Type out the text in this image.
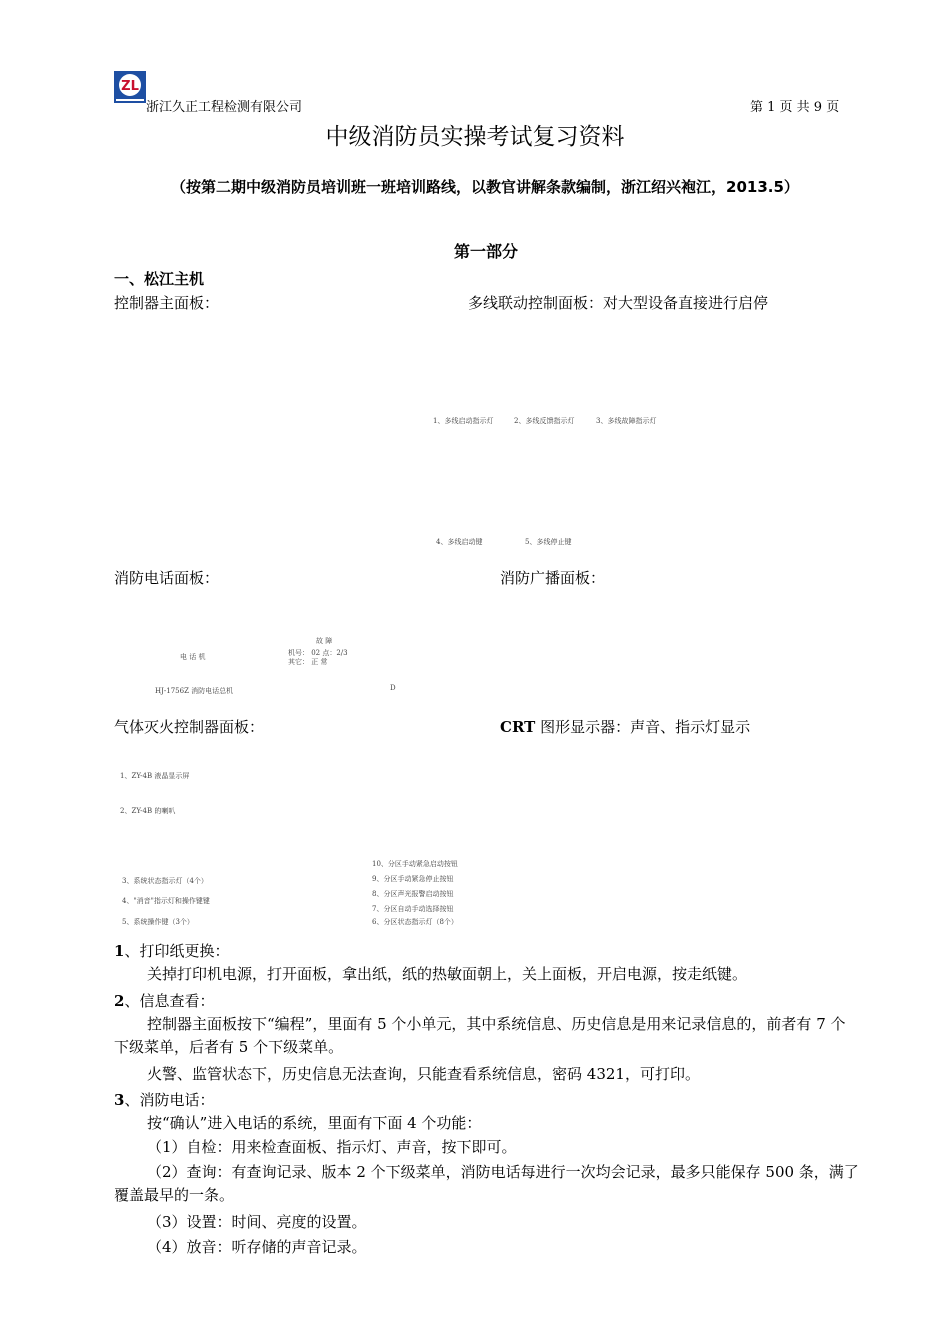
ZL
浙江久正工程检测有限公司	第 1 页 共 9 页
中级消防员实操考试复习资料
（按第二期中级消防员培训班一班培训路线，以教官讲解条款编制，浙江绍兴袍江，2013.5）
第一部分
一、松江主机
控制器主面板：	多线联动控制面板：对大型设备直接进行启停
1、多线启动指示灯	2、多线反馈指示灯	3、多线故障指示灯
4、多线启动键	5、多线停止键
消防电话面板：	消防广播面板：
故 障
电 话 机	机号： 02 点：2/3
其它： 正 常
HJ-1756Z 消防电话总机	D
气体灭火控制器面板：	CRT 图形显示器：声音、指示灯显示
1、ZY-4B 液晶显示屏
2、ZY-4B 的喇叭
3、系统状态指示灯（4个）
4、"消音"指示灯和操作键键
5、系统操作键（3个）
10、分区手动紧急启动按钮
9、分区手动紧急停止按钮
8、分区声光报警启动按钮
7、分区自动手动选择按钮
6、分区状态指示灯（8个）
1、打印纸更换：
关掉打印机电源，打开面板，拿出纸，纸的热敏面朝上，关上面板，开启电源，按走纸键。
2、信息查看：
控制器主面板按下“编程”，里面有 5 个小单元，其中系统信息、历史信息是用来记录信息的，前者有 7 个下级菜单，后者有 5 个下级菜单。
火警、监管状态下，历史信息无法查询，只能查看系统信息，密码 4321，可打印。
3、消防电话：
按“确认”进入电话的系统，里面有下面 4 个功能：
（1）自检：用来检查面板、指示灯、声音，按下即可。
（2）查询：有查询记录、版本 2 个下级菜单，消防电话每进行一次均会记录，最多只能保存 500 条，满了覆盖最早的一条。
（3）设置：时间、亮度的设置。
（4）放音：听存储的声音记录。
